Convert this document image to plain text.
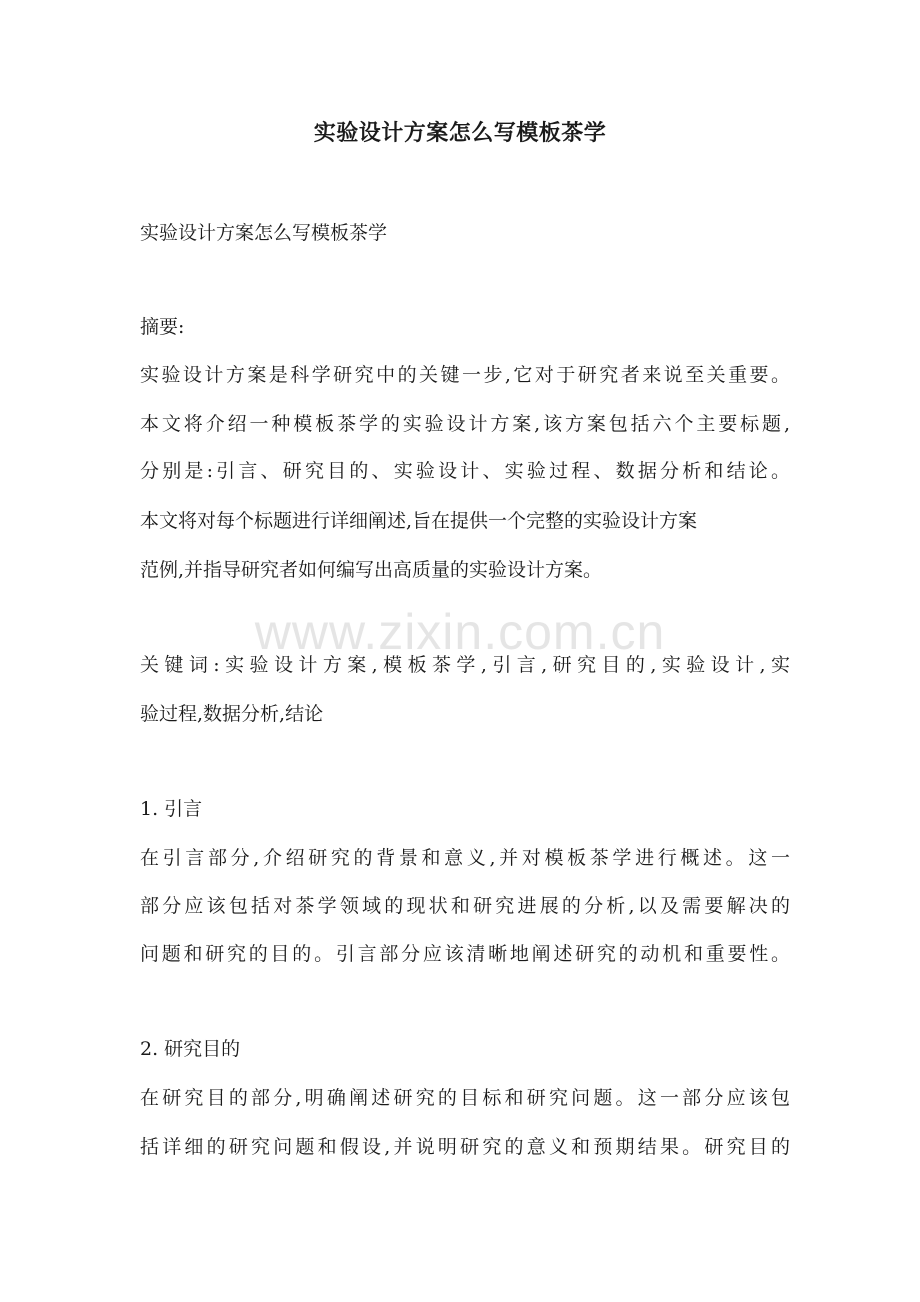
实验设计方案怎么写模板茶学
实验设计方案怎么写模板茶学
摘要:
实验设计方案是科学研究中的关键一步,它对于研究者来说至关重要。
本文将介绍一种模板茶学的实验设计方案,该方案包括六个主要标题,
分别是:引言、研究目的、实验设计、实验过程、数据分析和结论。
本文将对每个标题进行详细阐述,旨在提供一个完整的实验设计方案
范例,并指导研究者如何编写出高质量的实验设计方案。
www.zixin.com.cn
关键词:实验设计方案,模板茶学,引言,研究目的,实验设计,实
验过程,数据分析,结论
1. 引言
在引言部分,介绍研究的背景和意义,并对模板茶学进行概述。这一
部分应该包括对茶学领域的现状和研究进展的分析,以及需要解决的
问题和研究的目的。引言部分应该清晰地阐述研究的动机和重要性。
2. 研究目的
在研究目的部分,明确阐述研究的目标和研究问题。这一部分应该包
括详细的研究问题和假设,并说明研究的意义和预期结果。研究目的
